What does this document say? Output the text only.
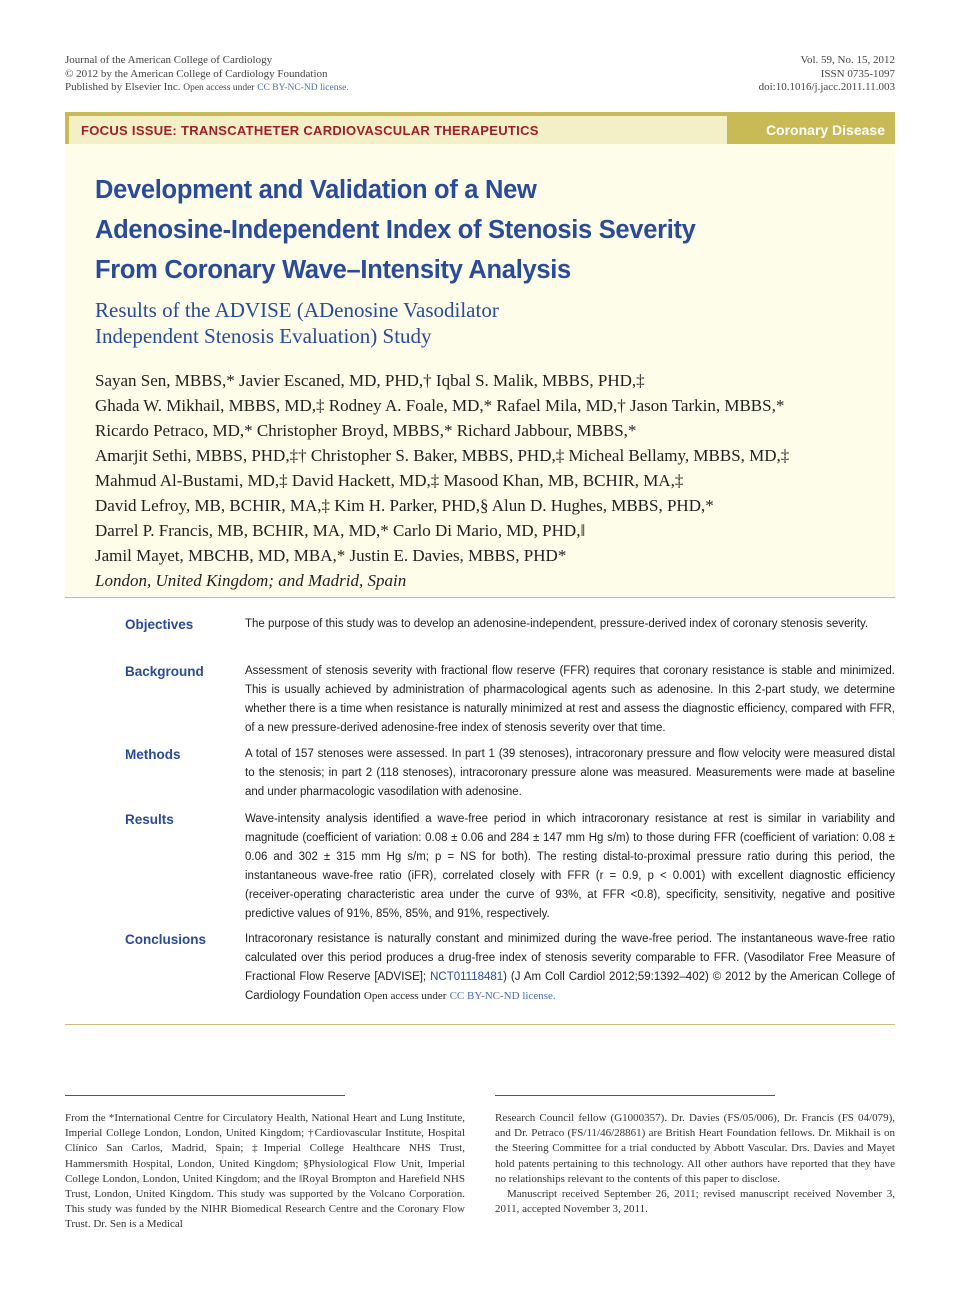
Journal of the American College of Cardiology
© 2012 by the American College of Cardiology Foundation
Published by Elsevier Inc. Open access under CC BY-NC-ND license.
Vol. 59, No. 15, 2012
ISSN 0735-1097
doi:10.1016/j.jacc.2011.11.003
FOCUS ISSUE: TRANSCATHETER CARDIOVASCULAR THERAPEUTICS	Coronary Disease
Development and Validation of a New
Adenosine-Independent Index of Stenosis Severity
From Coronary Wave–Intensity Analysis
Results of the ADVISE (ADenosine Vasodilator
Independent Stenosis Evaluation) Study
Sayan Sen, MBBS,* Javier Escaned, MD, PHD,† Iqbal S. Malik, MBBS, PHD,‡
Ghada W. Mikhail, MBBS, MD,‡ Rodney A. Foale, MD,* Rafael Mila, MD,† Jason Tarkin, MBBS,*
Ricardo Petraco, MD,* Christopher Broyd, MBBS,* Richard Jabbour, MBBS,*
Amarjit Sethi, MBBS, PHD,‡† Christopher S. Baker, MBBS, PHD,‡ Micheal Bellamy, MBBS, MD,‡
Mahmud Al-Bustami, MD,‡ David Hackett, MD,‡ Masood Khan, MB, BCHIR, MA,‡
David Lefroy, MB, BCHIR, MA,‡ Kim H. Parker, PHD,§ Alun D. Hughes, MBBS, PHD,*
Darrel P. Francis, MB, BCHIR, MA, MD,* Carlo Di Mario, MD, PHD,‖
Jamil Mayet, MBCHB, MD, MBA,* Justin E. Davies, MBBS, PHD*
London, United Kingdom; and Madrid, Spain
Objectives	The purpose of this study was to develop an adenosine-independent, pressure-derived index of coronary stenosis severity.
Background	Assessment of stenosis severity with fractional flow reserve (FFR) requires that coronary resistance is stable and minimized. This is usually achieved by administration of pharmacological agents such as adenosine. In this 2-part study, we determine whether there is a time when resistance is naturally minimized at rest and assess the diagnostic efficiency, compared with FFR, of a new pressure-derived adenosine-free index of stenosis severity over that time.
Methods	A total of 157 stenoses were assessed. In part 1 (39 stenoses), intracoronary pressure and flow velocity were measured distal to the stenosis; in part 2 (118 stenoses), intracoronary pressure alone was measured. Measurements were made at baseline and under pharmacologic vasodilation with adenosine.
Results	Wave-intensity analysis identified a wave-free period in which intracoronary resistance at rest is similar in variability and magnitude (coefficient of variation: 0.08 ± 0.06 and 284 ± 147 mm Hg s/m) to those during FFR (coefficient of variation: 0.08 ± 0.06 and 302 ± 315 mm Hg s/m; p = NS for both). The resting distal-to-proximal pressure ratio during this period, the instantaneous wave-free ratio (iFR), correlated closely with FFR (r = 0.9, p < 0.001) with excellent diagnostic efficiency (receiver-operating characteristic area under the curve of 93%, at FFR <0.8), specificity, sensitivity, negative and positive predictive values of 91%, 85%, 85%, and 91%, respectively.
Conclusions	Intracoronary resistance is naturally constant and minimized during the wave-free period. The instantaneous wave-free ratio calculated over this period produces a drug-free index of stenosis severity comparable to FFR. (Vasodilator Free Measure of Fractional Flow Reserve [ADVISE]; NCT01118481) (J Am Coll Cardiol 2012;59:1392–402) © 2012 by the American College of Cardiology Foundation Open access under CC BY-NC-ND license.

From the *International Centre for Circulatory Health, National Heart and Lung Institute, Imperial College London, London, United Kingdom; †Cardiovascular Institute, Hospital Clínico San Carlos, Madrid, Spain; ‡Imperial College Healthcare NHS Trust, Hammersmith Hospital, London, United Kingdom; §Physiological Flow Unit, Imperial College London, London, United Kingdom; and the ‖Royal Brompton and Harefield NHS Trust, London, United Kingdom. This study was supported by the Volcano Corporation. This study was funded by the NIHR Biomedical Research Centre and the Coronary Flow Trust. Dr. Sen is a Medical

Research Council fellow (G1000357). Dr. Davies (FS/05/006), Dr. Francis (FS 04/079), and Dr. Petraco (FS/11/46/28861) are British Heart Foundation fellows. Dr. Mikhail is on the Steering Committee for a trial conducted by Abbott Vascular. Drs. Davies and Mayet hold patents pertaining to this technology. All other authors have reported that they have no relationships relevant to the contents of this paper to disclose.

Manuscript received September 26, 2011; revised manuscript received November 3, 2011, accepted November 3, 2011.
